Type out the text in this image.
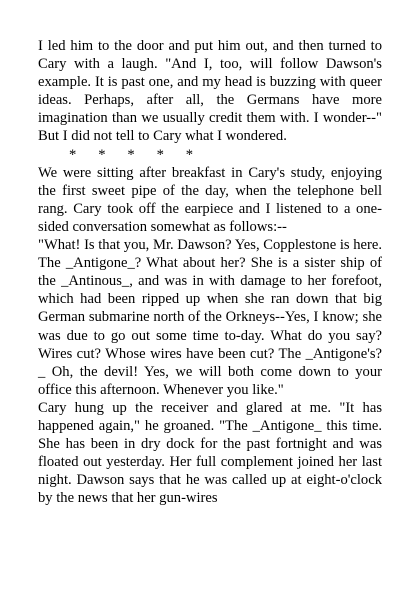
I led him to the door and put him out, and then turned to Cary with a laugh. "And I, too, will follow Dawson's example. It is past one, and my head is buzzing with queer ideas. Perhaps, after all, the Germans have more imagination than we usually credit them with. I wonder--" But I did not tell to Cary what I wondered.

*      *      *      *      *

We were sitting after breakfast in Cary's study, enjoying the first sweet pipe of the day, when the telephone bell rang. Cary took off the earpiece and I listened to a one-sided conversation somewhat as follows:--

"What! Is that you, Mr. Dawson? Yes, Copplestone is here. The _Antigone_? What about her? She is a sister ship of the _Antinous_, and was in with damage to her forefoot, which had been ripped up when she ran down that big German submarine north of the Orkneys--Yes, I know; she was due to go out some time to-day. What do you say? Wires cut? Whose wires have been cut? The _Antigone's?_ Oh, the devil! Yes, we will both come down to your office this afternoon. Whenever you like."

Cary hung up the receiver and glared at me. "It has happened again," he groaned. "The _Antigone_ this time. She has been in dry dock for the past fortnight and was floated out yesterday. Her full complement joined her last night. Dawson says that he was called up at eight-o'clock by the news that her gun-wires
